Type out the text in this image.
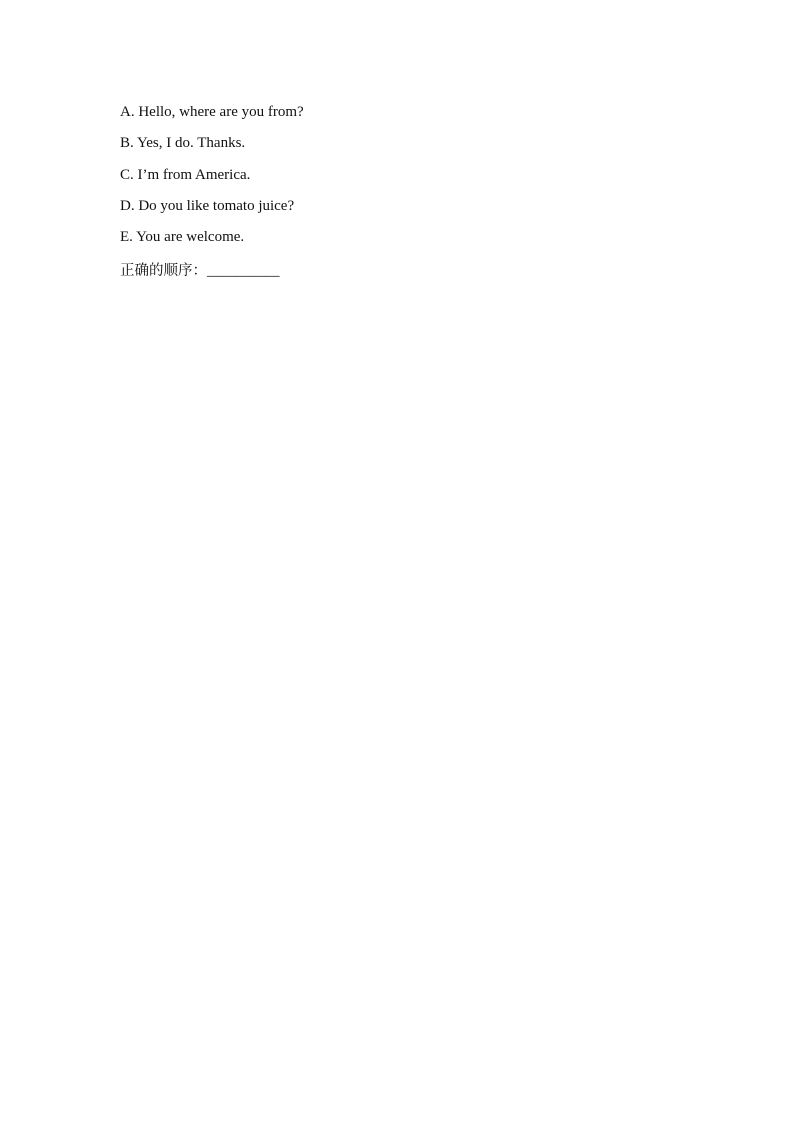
A. Hello, where are you from?
B. Yes, I do. Thanks.
C. I’m from America.
D. Do you like tomato juice?
E. You are welcome.
正确的顺序：__________
